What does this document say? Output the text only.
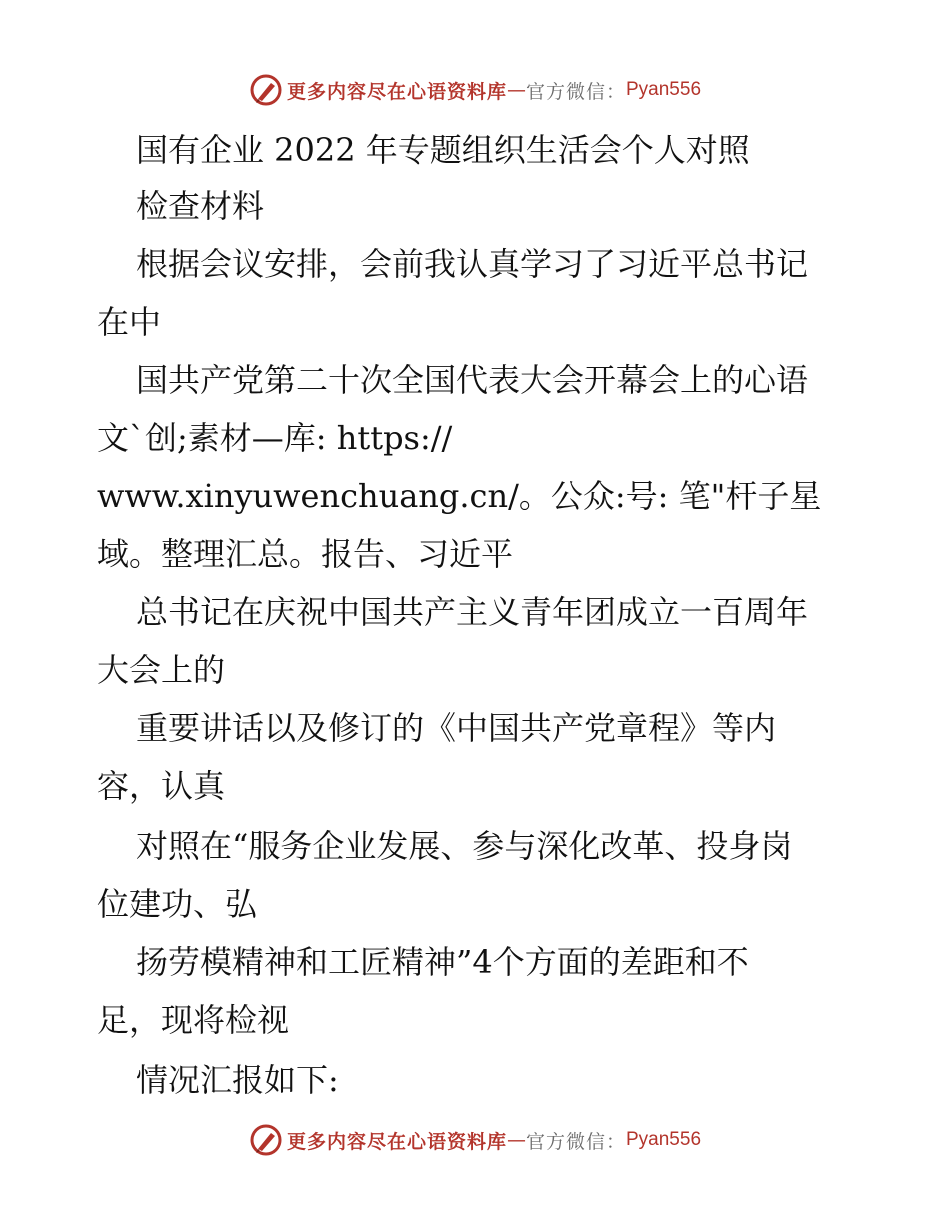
更多内容尽在心语资料库 — 官方微信： Pyan556
国有企业 2022 年专题组织生活会个人对照
检查材料
根据会议安排，会前我认真学习了习近平总书记
在中
国共产党第二十次全国代表大会开幕会上的心语
文`创;素材—库: https://
www.xinyuwenchuang.cn/。公众:号: 笔"杆子星
域。整理汇总。报告、习近平
总书记在庆祝中国共产主义青年团成立一百周年
大会上的
重要讲话以及修订的《中国共产党章程》等内
容，认真
对照在“服务企业发展、参与深化改革、投身岗
位建功、弘
扬劳模精神和工匠精神”4个方面的差距和不
足，现将检视
情况汇报如下:
更多内容尽在心语资料库 — 官方微信： Pyan556
